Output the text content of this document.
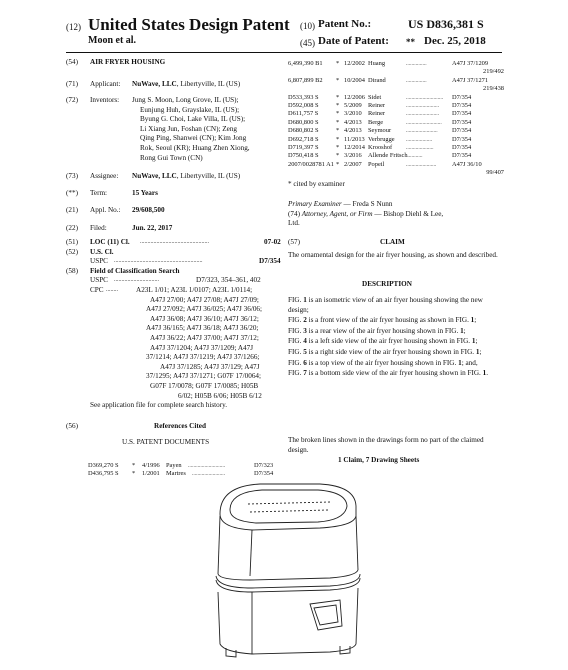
(12) United States Design Patent
Moon et al.
(10) Patent No.:	US D836,381 S
(45) Date of Patent: ** Dec. 25, 2018
(54) AIR FRYER HOUSING
(71) Applicant: NuWave, LLC, Libertyville, IL (US)
(72) Inventors: Jung S. Moon, Long Grove, IL (US);
Eunjung Huh, Grayslake, IL (US);
Byung G. Choi, Lake Villa, IL (US);
Li Xiang Jun, Foshan (CN); Zeng
Qing Ping, Shanwei (CN); Kim Jong
Rok, Seoul (KR); Huang Zhen Xiong,
Rong Gui Town (CN)
(73) Assignee: NuWave, LLC, Libertyville, IL (US)
(**) Term:	15 Years
(21) Appl. No.: 29/608,500
(22) Filed:	Jun. 22, 2017
(51) LOC (11) Cl. ..............................................	07-02
(52) U.S. Cl.
USPC ...........................................................	D7/354
(58) Field of Classification Search
USPC ..............................	D7/323, 354–361, 402
CPC ........	A23L 1/01; A23L 1/0107; A23L 1/0114;
A47J 27/00; A47J 27/08; A47J 27/09;
A47J 27/092; A47J 36/025; A47J 36/06;
A47J 36/08; A47J 36/10; A47J 36/12;
A47J 36/165; A47J 36/18; A47J 36/20;
A47J 36/22; A47J 37/00; A47J 37/12;
A47J 37/1204; A47J 37/1209; A47J
37/1214; A47J 37/1219; A47J 37/1266;
A47J 37/1285; A47J 37/129; A47J
37/1295; A47J 37/1271; G07F 17/0064;
G07F 17/0078; G07F 17/0085; H05B
6/02; H05B 6/06; H05B 6/12
See application file for complete search history.
(56)	References Cited
U.S. PATENT DOCUMENTS
D369,270 S * 4/1996 Payen ...........................	D7/323
D436,795 S * 1/2001 Martres ........................	D7/354
6,499,390 B1 * 12/2002 Huang	...............	A47J 37/1209
219/492
6,807,899 B2 * 10/2004 Dirand	...............	A47J 37/1271
219/438
D533,393 S	* 12/2006 Sidet	........................... D7/354
D592,008 S	* 5/2009 Reiner	........................ D7/354
D611,757 S	* 3/2010 Reiner	........................ D7/354
D680,800 S	* 4/2013 Berge	.......................... D7/354
D680,802 S	* 4/2013 Seymour	....................... D7/354
D692,718 S	* 11/2013 Verbrugge ...................	D7/354
D719,397 S	* 12/2014 Krooshof	....................	D7/354
D750,418 S	* 3/2016 Allende Fritsch
............	D7/354
2007/0028781 A1 * 2/2007 Popeil	...................... A47J 36/10
99/407
* cited by examiner
Primary Examiner — Freda S Nunn
(74) Attorney, Agent, or Firm — Bishop Diehl & Lee,
Ltd.
(57)	CLAIM
The ornamental design for the air fryer housing, as shown and described.
DESCRIPTION

FIG. 1 is an isometric view of an air fryer housing showing the new design;

FIG. 2 is a front view of the air fryer housing as shown in FIG. 1;

FIG. 3 is a rear view of the air fryer housing shown in FIG. 1;

FIG. 4 is a left side view of the air fryer housing shown in FIG. 1;

FIG. 5 is a right side view of the air fryer housing shown in FIG. 1;

FIG. 6 is a top view of the air fryer housing shown in FIG. 1; and,

FIG. 7 is a bottom side view of the air fryer housing shown in FIG. 1.

The broken lines shown in the drawings form no part of the claimed design.
1 Claim, 7 Drawing Sheets
